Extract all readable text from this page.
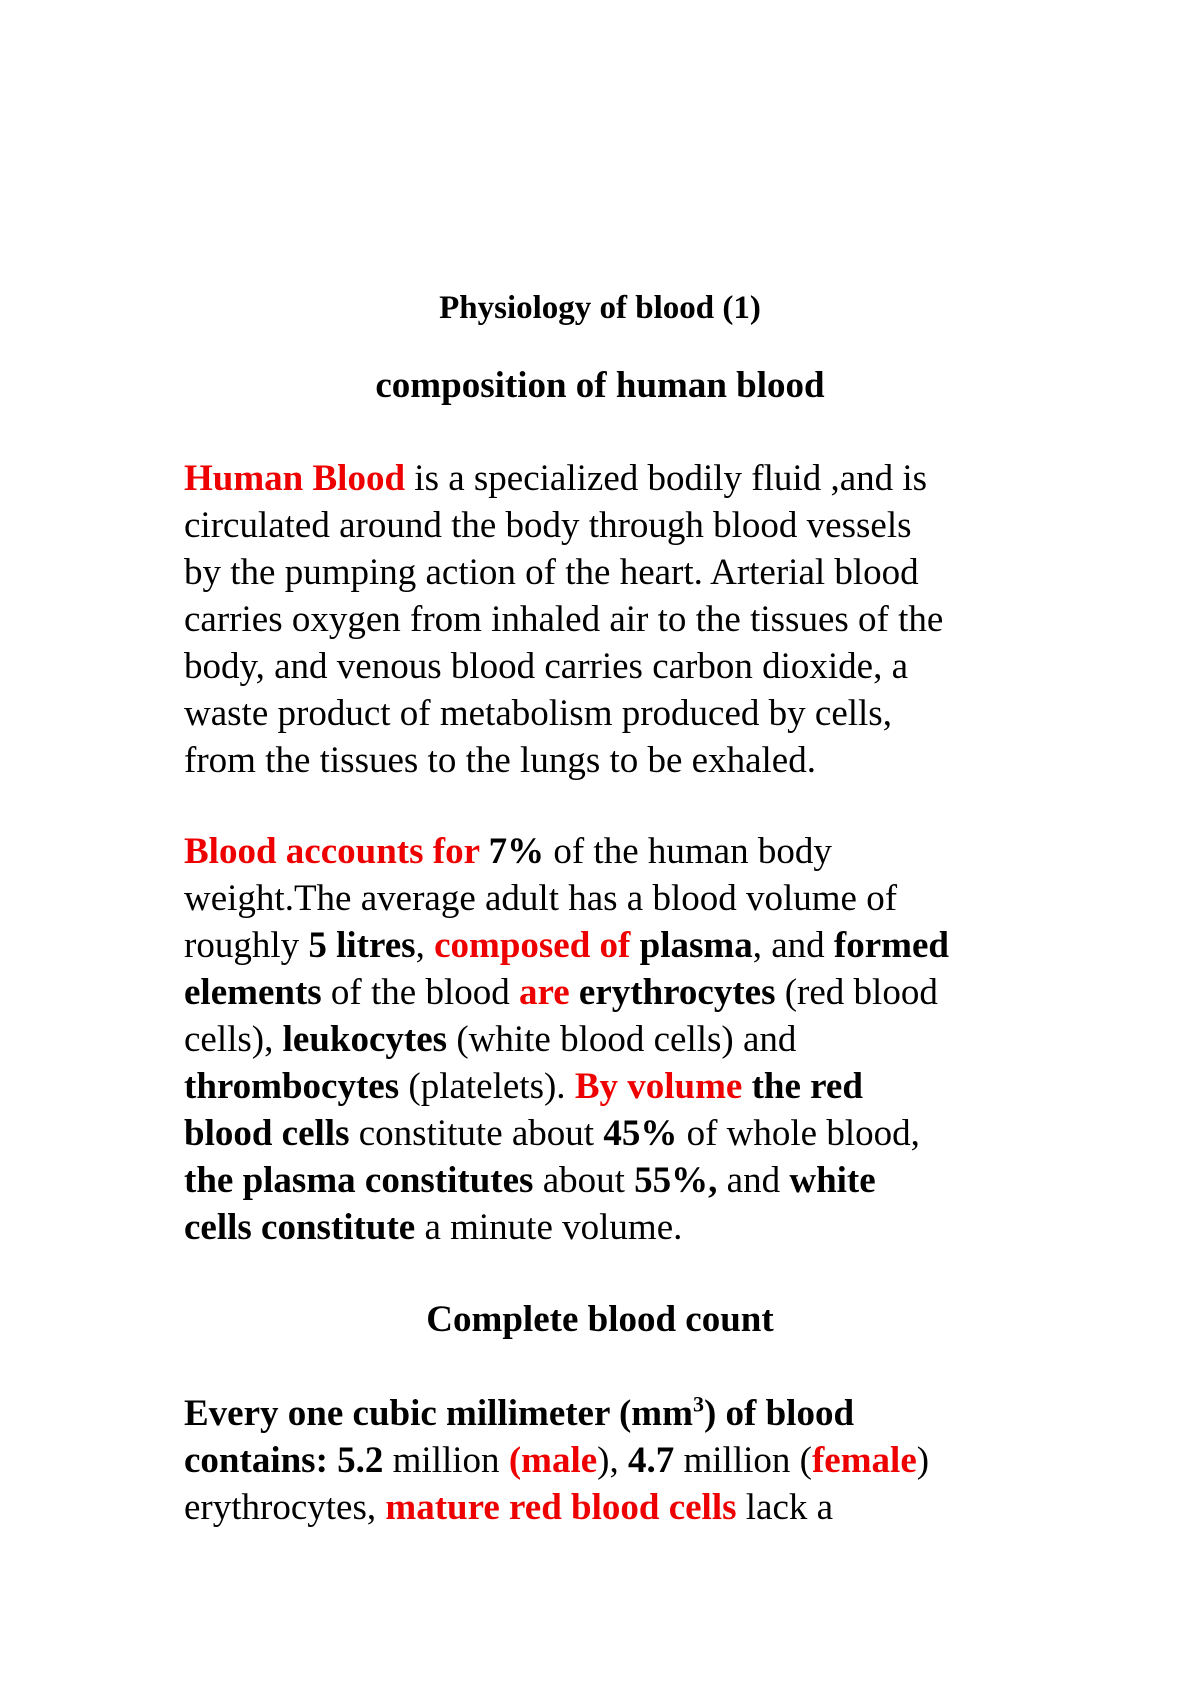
Physiology of blood (1)
composition of human blood

Human Blood is a specialized bodily fluid ,and is
circulated around the body through blood vessels
by the pumping action of the heart. Arterial blood
carries oxygen from inhaled air to the tissues of the
body, and venous blood carries carbon dioxide, a
waste product of metabolism produced by cells,
from the tissues to the lungs to be exhaled.

Blood accounts for 7% of the human body
weight.The average adult has a blood volume of
roughly 5 litres, composed of plasma, and formed
elements of the blood are erythrocytes (red blood
cells), leukocytes (white blood cells) and
thrombocytes (platelets). By volume the red
blood cells constitute about 45% of whole blood,
the plasma constitutes about 55%, and white
cells constitute a minute volume.

Complete blood count

Every one cubic millimeter $(mm^3)$ of blood
contains: 5.2 million (male), 4.7 million (female)
erythrocytes, mature red blood cells lack a
